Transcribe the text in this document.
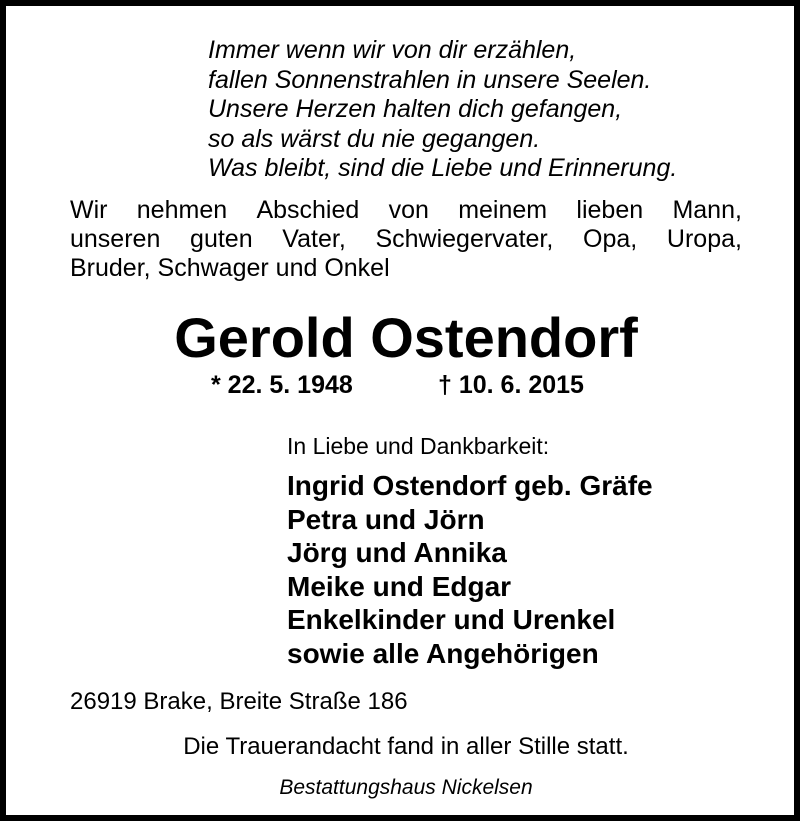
Immer wenn wir von dir erzählen,
fallen Sonnenstrahlen in unsere Seelen.
Unsere Herzen halten dich gefangen,
so als wärst du nie gegangen.
Was bleibt, sind die Liebe und Erinnerung.
Wir nehmen Abschied von meinem lieben Mann,
unseren guten Vater, Schwiegervater, Opa, Uropa,
Bruder, Schwager und Onkel
Gerold Ostendorf
* 22. 5. 1948	† 10. 6. 2015
In Liebe und Dankbarkeit:
Ingrid Ostendorf geb. Gräfe
Petra und Jörn
Jörg und Annika
Meike und Edgar
Enkelkinder und Urenkel
sowie alle Angehörigen
26919 Brake, Breite Straße 186
Die Trauerandacht fand in aller Stille statt.
Bestattungshaus Nickelsen
